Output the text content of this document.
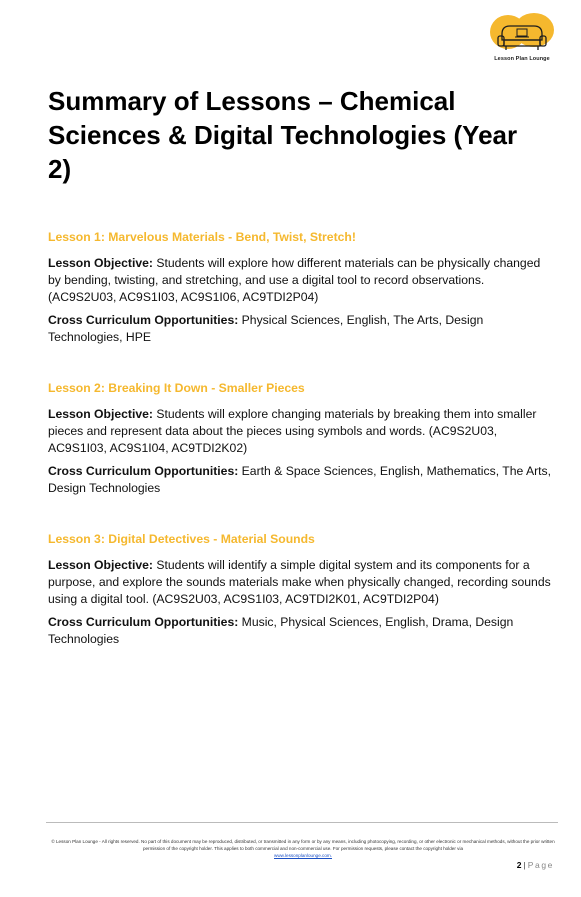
Lesson Plan Lounge
Summary of Lessons – Chemical Sciences & Digital Technologies (Year 2)
Lesson 1: Marvelous Materials - Bend, Twist, Stretch!

Lesson Objective: Students will explore how different materials can be physically changed by bending, twisting, and stretching, and use a digital tool to record observations. (AC9S2U03, AC9S1I03, AC9S1I06, AC9TDI2P04)

Cross Curriculum Opportunities: Physical Sciences, English, The Arts, Design Technologies, HPE

Lesson 2: Breaking It Down - Smaller Pieces

Lesson Objective: Students will explore changing materials by breaking them into smaller pieces and represent data about the pieces using symbols and words. (AC9S2U03, AC9S1I03, AC9S1I04, AC9TDI2K02)

Cross Curriculum Opportunities: Earth & Space Sciences, English, Mathematics, The Arts, Design Technologies

Lesson 3: Digital Detectives - Material Sounds

Lesson Objective: Students will identify a simple digital system and its components for a purpose, and explore the sounds materials make when physically changed, recording sounds using a digital tool. (AC9S2U03, AC9S1I03, AC9TDI2K01, AC9TDI2P04)

Cross Curriculum Opportunities: Music, Physical Sciences, English, Drama, Design Technologies

© Lesson Plan Lounge - All rights reserved. No part of this document may be reproduced, distributed, or transmitted in any form or by any means, including photocopying, recording, or other electronic or mechanical methods, without the prior written permission of the copyright holder. This applies to both commercial and non-commercial use. For permission requests, please contact the copyright holder via
www.lessonplanlounge.com.
2 | Page
